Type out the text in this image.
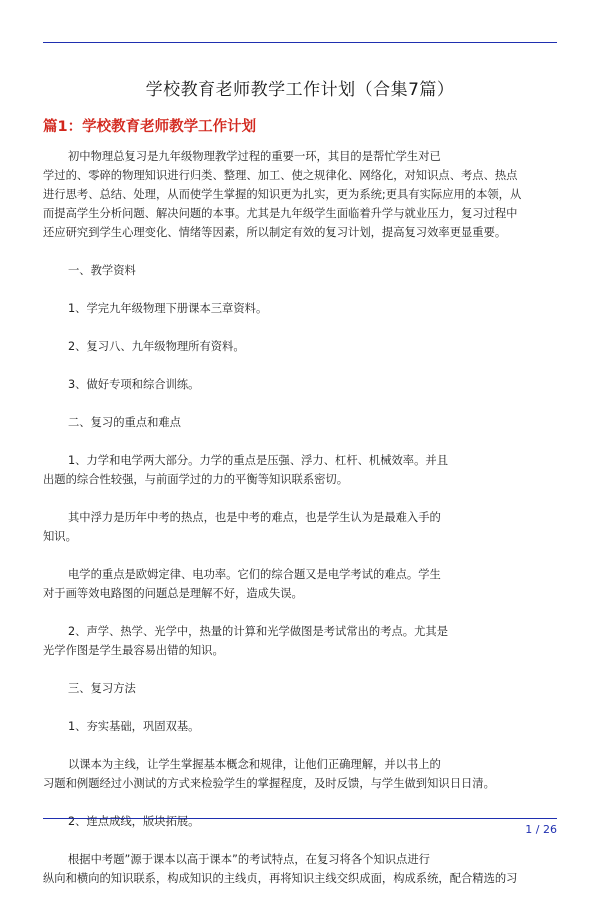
学校教育老师教学工作计划（合集7篇）
篇1：学校教育老师教学工作计划
初中物理总复习是九年级物理教学过程的重要一环，其目的是帮忙学生对已
学过的、零碎的物理知识进行归类、整理、加工、使之规律化、网络化，对知识点、考点、热点
进行思考、总结、处理，从而使学生掌握的知识更为扎实，更为系统;更具有实际应用的本领，从
而提高学生分析问题、解决问题的本事。尤其是九年级学生面临着升学与就业压力，复习过程中
还应研究到学生心理变化、情绪等因素，所以制定有效的复习计划，提高复习效率更显重要。
一、教学资料
1、学完九年级物理下册课本三章资料。
2、复习八、九年级物理所有资料。
3、做好专项和综合训练。
二、复习的重点和难点
1、力学和电学两大部分。力学的重点是压强、浮力、杠杆、机械效率。并且
出题的综合性较强，与前面学过的力的平衡等知识联系密切。
其中浮力是历年中考的热点，也是中考的难点，也是学生认为是最难入手的
知识。
电学的重点是欧姆定律、电功率。它们的综合题又是电学考试的难点。学生
对于画等效电路图的问题总是理解不好，造成失误。
2、声学、热学、光学中，热量的计算和光学做图是考试常出的考点。尤其是
光学作图是学生最容易出错的知识。
三、复习方法
1、夯实基础，巩固双基。
以课本为主线，让学生掌握基本概念和规律，让他们正确理解，并以书上的
习题和例题经过小测试的方式来检验学生的掌握程度，及时反馈，与学生做到知识日日清。
2、连点成线，版块拓展。
根据中考题”源于课本以高于课本”的考试特点，在复习将各个知识点进行
纵向和横向的知识联系，构成知识的主线贞，再将知识主线交织成面，构成系统，配合精选的习
1 / 26
